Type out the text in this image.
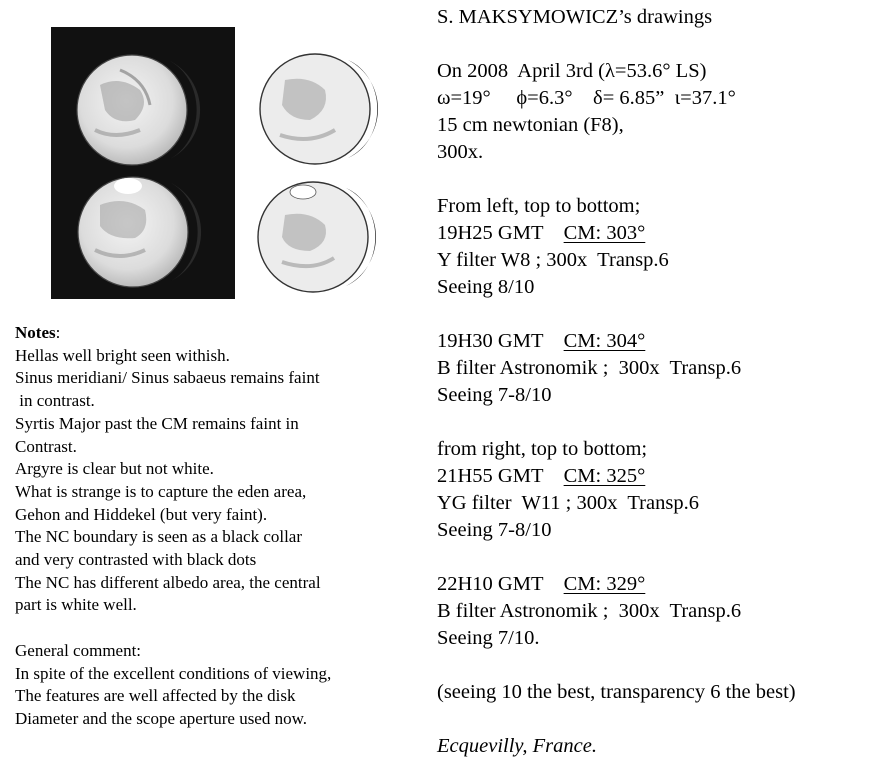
Notes:
Hellas well bright seen withish.
Sinus meridiani/ Sinus sabaeus remains faint
in contrast.
Syrtis Major past the CM remains faint in
Contrast.
Argyre is clear but not white.
What is strange is to capture the eden area,
Gehon and Hiddekel (but very faint).
The NC boundary is seen as a black collar
and very contrasted with black dots
The NC has different albedo area, the central
part is white well.
General comment:
In spite of the excellent conditions of viewing,
The features are well affected by the disk
Diameter and the scope aperture used now.
S. MAKSYMOWICZ’s drawings
On 2008  April 3rd (λ=53.6° LS)
ω=19°     ϕ=6.3°    δ= 6.85”  ι=37.1°
15 cm newtonian (F8),
300x.
From left, top to bottom;
19H25 GMT CM: 303°
Y filter W8 ; 300x  Transp.6
Seeing 8/10
19H30 GMT CM: 304°
B filter Astronomik ;  300x  Transp.6
Seeing 7-8/10
from right, top to bottom;
21H55 GMT CM: 325°
YG filter  W11 ; 300x  Transp.6
Seeing 7-8/10
22H10 GMT CM: 329°
B filter Astronomik ;  300x  Transp.6
Seeing 7/10.
(seeing 10 the best, transparency 6 the best)
Ecquevilly, France.
